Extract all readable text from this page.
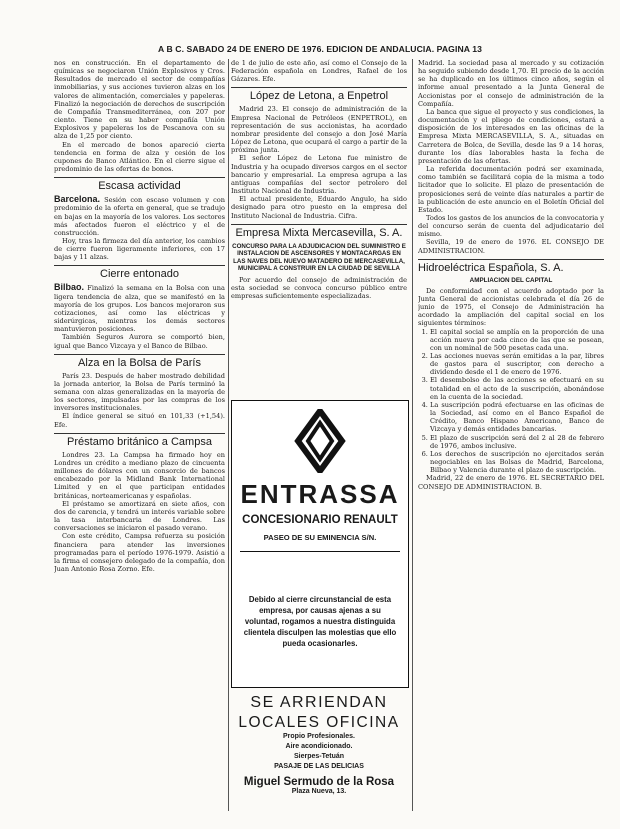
A B C. SABADO 24 DE ENERO DE 1976. EDICION DE ANDALUCIA. PAGINA 13

nos en construcción. En el departamento de químicas se negociaron Unión Explosivos y Cros. Resultados de mercado el sector de compañías inmobiliarias, y sus acciones tuvieron alzas en los valores de alimentación, comerciales y papeleras. Finalizó la negociación de derechos de suscripción de Compañía Transmediterránea, con 207 por ciento. Tiene en su haber compañía Unión Explosivos y papeleras los de Pescanova con su alza de 1,25 por ciento.

En el mercado de bonos apareció cierta tendencia en forma de alza y cesión de los cupones de Banco Atlántico. En el cierre sigue el predominio de las ofertas de bonos.

Escasa actividad

Barcelona. Sesión con escaso volumen y con predominio de la oferta en general, que se tradujo en bajas en la mayoría de los valores. Los sectores más afectados fueron el eléctrico y el de construcción.

Hoy, tras la firmeza del día anterior, los cambios de cierre fueron ligeramente inferiores, con 17 bajas y 11 alzas.

Cierre entonado

Bilbao. Finalizó la semana en la Bolsa con una ligera tendencia de alza, que se manifestó en la mayoría de los grupos. Los bancos mejoraron sus cotizaciones, así como las eléctricas y siderúrgicas, mientras los demás sectores mantuvieron posiciones.

También Seguros Aurora se comportó bien, igual que Banco Vizcaya y el Banco de Bilbao.

Alza en la Bolsa de París

París 23. Después de haber mostrado debilidad la jornada anterior, la Bolsa de París terminó la semana con alzas generalizadas en la mayoría de los sectores, impulsadas por las compras de los inversores institucionales.

El índice general se situó en 101,33 (+1,54). Efe.

Préstamo británico a Campsa

Londres 23. La Campsa ha firmado hoy en Londres un crédito a mediano plazo de cincuenta millones de dólares con un consorcio de bancos encabezado por la Midland Bank International Limited y en el que participan entidades británicas, norteamericanas y españolas.

El préstamo se amortizará en siete años, con dos de carencia, y tendrá un interés variable sobre la tasa interbancaria de Londres. Las conversaciones se iniciaron el pasado verano.

Con este crédito, Campsa refuerza su posición financiera para atender las inversiones programadas para el período 1976-1979. Asistió a la firma el consejero delegado de la compañía, don Juan Antonio Rosa Zorno. Efe.

de 1 de julio de este año, así como el Consejo de la Federación española en Londres, Rafael de los Gázares. Efe.

López de Letona, a Enpetrol

Madrid 23. El consejo de administración de la Empresa Nacional de Petróleos (ENPETROL), en representación de sus accionistas, ha acordado nombrar presidente del consejo a don José María López de Letona, que ocupará el cargo a partir de la próxima junta.

El señor López de Letona fue ministro de Industria y ha ocupado diversos cargos en el sector bancario y empresarial. La empresa agrupa a las antiguas compañías del sector petrolero del Instituto Nacional de Industria.

El actual presidente, Eduardo Angulo, ha sido designado para otro puesto en la empresa del Instituto Nacional de Industria. Cifra.

Empresa Mixta Mercasevilla, S. A.
CONCURSO PARA LA ADJUDICACION DEL SUMINISTRO E INSTALACION DE ASCENSORES Y MONTACARGAS EN LAS NAVES DEL NUEVO MATADERO DE MERCASEVILLA, MUNICIPAL A CONSTRUIR EN LA CIUDAD DE SEVILLA

Por acuerdo del consejo de administración de esta sociedad se convoca concurso público entre empresas suficientemente especializadas.

ENTRASSA
CONCESIONARIO RENAULT
PASEO DE SU EMINENCIA S/N.
Debido al cierre circunstancial de esta empresa, por causas ajenas a su voluntad, rogamos a nuestra distinguida clientela disculpen las molestias que ello pueda ocasionarles.
SE ARRIENDAN
LOCALES OFICINA
Propio Profesionales.
Aire acondicionado.
Sierpes-Tetuán
PASAJE DE LAS DELICIAS
Miguel Sermudo de la Rosa
Plaza Nueva, 13.

Madrid. La sociedad pasa al mercado y su cotización ha seguido subiendo desde 1,70. El precio de la acción se ha duplicado en los últimos cinco años, según el informe anual presentado a la Junta General de Accionistas por el consejo de administración de la Compañía.

La banca que sigue el proyecto y sus condiciones, la documentación y el pliego de condiciones, estará a disposición de los interesados en las oficinas de la Empresa Mixta MERCASEVILLA, S. A., situadas en Carretera de Bolca, de Sevilla, desde las 9 a 14 horas, durante los días laborables hasta la fecha de presentación de las ofertas.

La referida documentación podrá ser examinada, como también se facilitará copia de la misma a todo licitador que lo solicite. El plazo de presentación de proposiciones será de veinte días naturales a partir de la publicación de este anuncio en el Boletín Oficial del Estado.

Todos los gastos de los anuncios de la convocatoria y del concurso serán de cuenta del adjudicatario del mismo.

Sevilla, 19 de enero de 1976. EL CONSEJO DE ADMINISTRACION.

Hidroeléctrica Española, S. A.
AMPLIACION DEL CAPITAL

De conformidad con el acuerdo adoptado por la Junta General de accionistas celebrada el día 26 de junio de 1975, el Consejo de Administración ha acordado la ampliación del capital social en los siguientes términos:

1. El capital social se amplía en la proporción de una acción nueva por cada cinco de las que se posean, con un nominal de 500 pesetas cada una.
2. Las acciones nuevas serán emitidas a la par, libres de gastos para el suscriptor, con derecho a dividendo desde el 1 de enero de 1976.
3. El desembolso de las acciones se efectuará en su totalidad en el acto de la suscripción, abonándose en la cuenta de la sociedad.
4. La suscripción podrá efectuarse en las oficinas de la Sociedad, así como en el Banco Español de Crédito, Banco Hispano Americano, Banco de Vizcaya y demás entidades bancarias.
5. El plazo de suscripción será del 2 al 28 de febrero de 1976, ambos inclusive.
6. Los derechos de suscripción no ejercitados serán negociables en las Bolsas de Madrid, Barcelona, Bilbao y Valencia durante el plazo de suscripción.

Madrid, 22 de enero de 1976. EL SECRETARIO DEL CONSEJO DE ADMINISTRACION. B.
